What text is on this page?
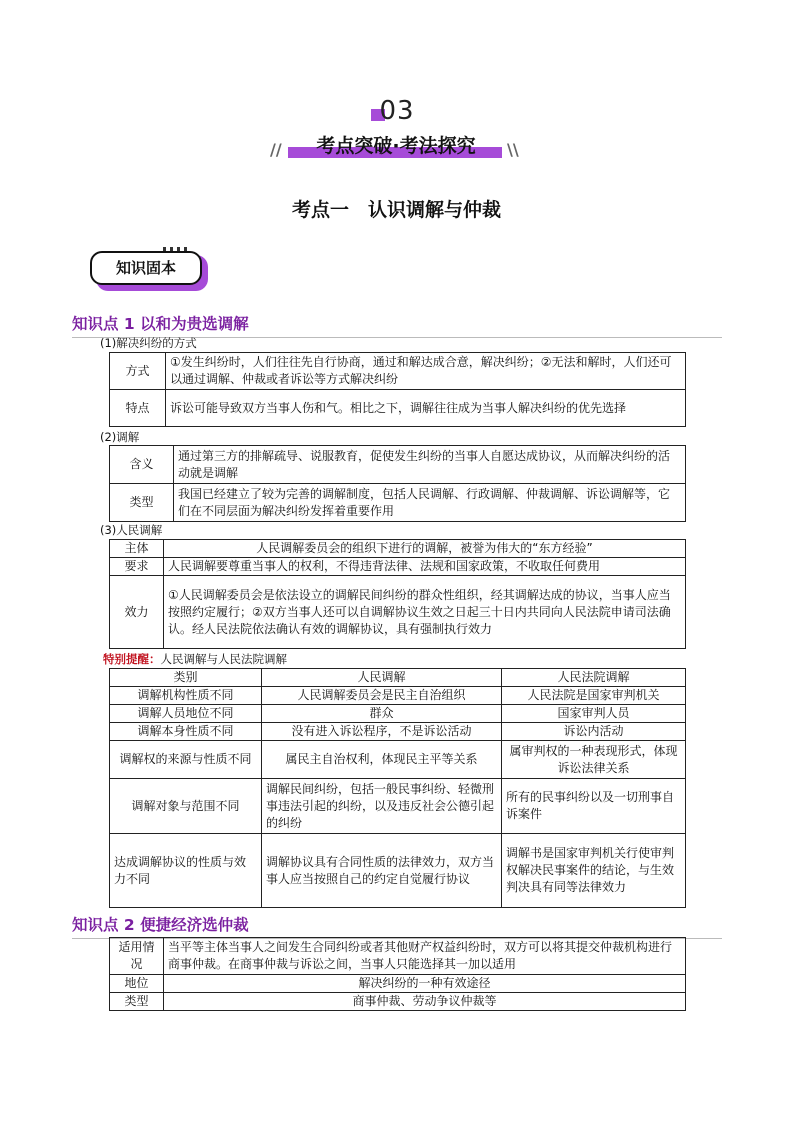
03
//	\\
考点突破·考法探究
考点一　认识调解与仲裁
知识固本
知识点 1 以和为贵选调解
(1)解决纠纷的方式
方式	①发生纠纷时，人们往往先自行协商，通过和解达成合意，解决纠纷；②无法和解时，人们还可以通过调解、仲裁或者诉讼等方式解决纠纷
特点	诉讼可能导致双方当事人伤和气。相比之下，调解往往成为当事人解决纠纷的优先选择
(2)调解
含义	通过第三方的排解疏导、说服教育，促使发生纠纷的当事人自愿达成协议，从而解决纠纷的活动就是调解
类型	我国已经建立了较为完善的调解制度，包括人民调解、行政调解、仲裁调解、诉讼调解等，它们在不同层面为解决纠纷发挥着重要作用
(3)人民调解
主体	人民调解委员会的组织下进行的调解，被誉为伟大的“东方经验”
要求	人民调解要尊重当事人的权利，不得违背法律、法规和国家政策，不收取任何费用
效力	①人民调解委员会是依法设立的调解民间纠纷的群众性组织，经其调解达成的协议，当事人应当按照约定履行；②双方当事人还可以自调解协议生效之日起三十日内共同向人民法院申请司法确认。经人民法院依法确认有效的调解协议，具有强制执行效力
特别提醒：人民调解与人民法院调解
类别	人民调解	人民法院调解
调解机构性质不同	人民调解委员会是民主自治组织	人民法院是国家审判机关
调解人员地位不同	群众	国家审判人员
调解本身性质不同	没有进入诉讼程序，不是诉讼活动	诉讼内活动
调解权的来源与性质不同	属民主自治权利，体现民主平等关系	属审判权的一种表现形式，体现诉讼法律关系
调解对象与范围不同	调解民间纠纷，包括一般民事纠纷、轻微刑事违法引起的纠纷，以及违反社会公德引起的纠纷	所有的民事纠纷以及一切刑事自诉案件
达成调解协议的性质与效力不同	调解协议具有合同性质的法律效力，双方当事人应当按照自己的约定自觉履行协议	调解书是国家审判机关行使审判权解决民事案件的结论，与生效判决具有同等法律效力
知识点 2 便捷经济选仲裁
适用情况	当平等主体当事人之间发生合同纠纷或者其他财产权益纠纷时，双方可以将其提交仲裁机构进行商事仲裁。在商事仲裁与诉讼之间，当事人只能选择其一加以适用
地位	解决纠纷的一种有效途径
类型	商事仲裁、劳动争议仲裁等
